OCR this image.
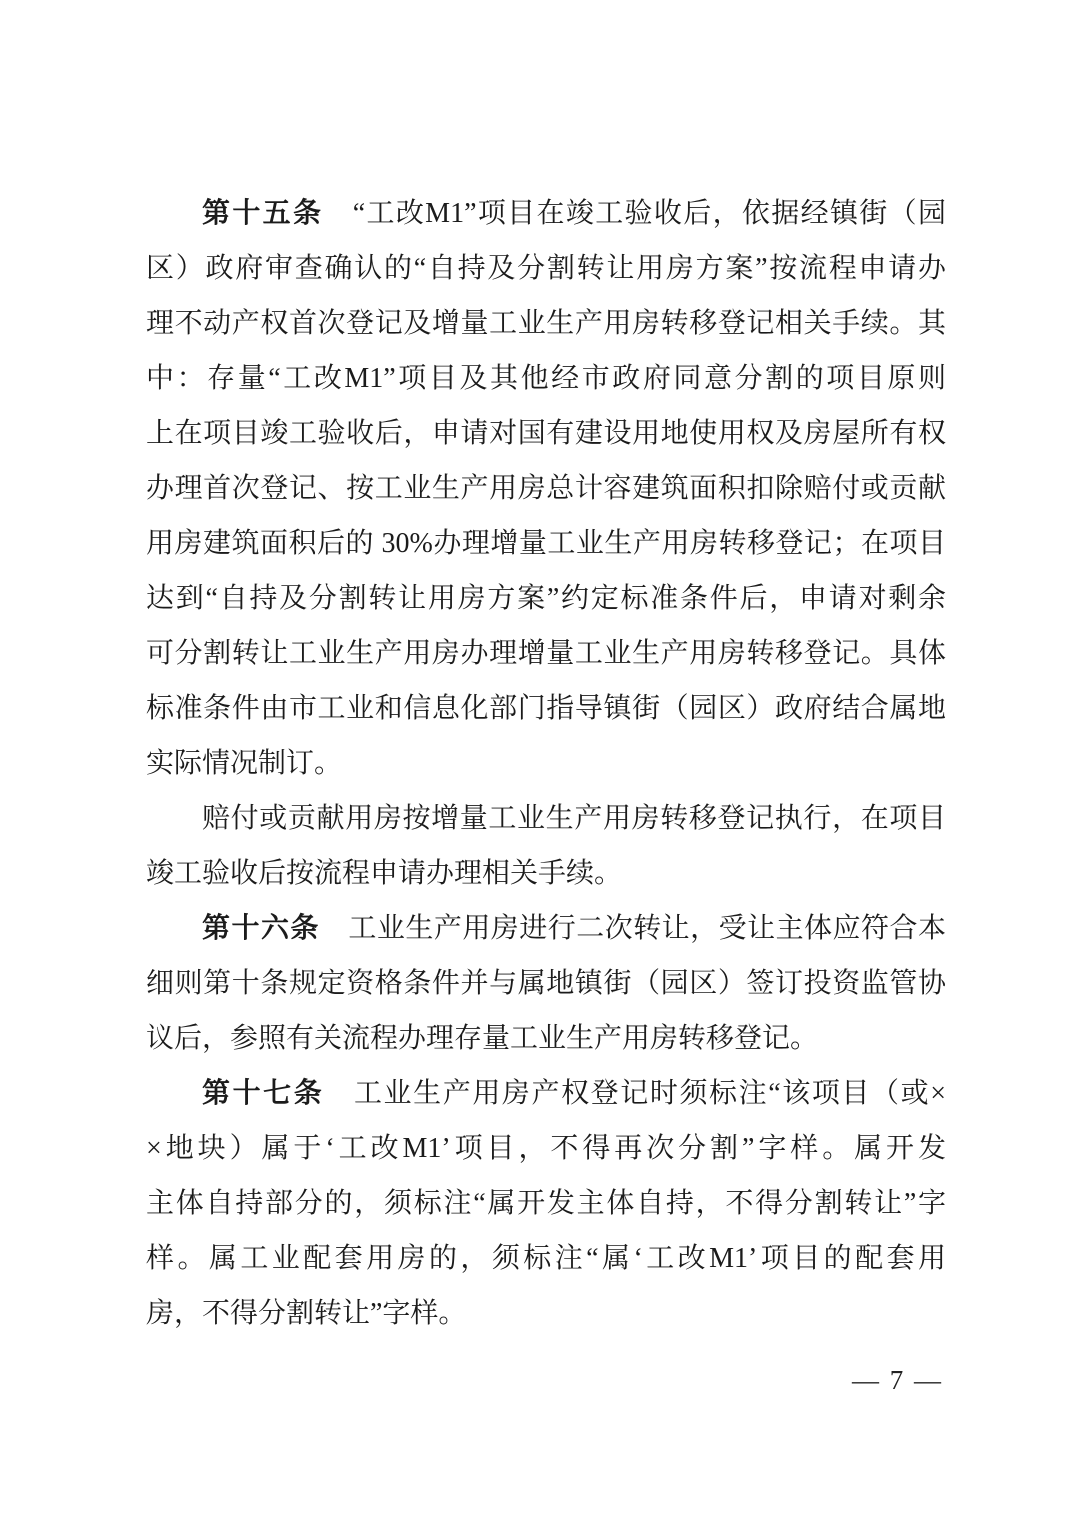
第十五条　“工改M1”项目在竣工验收后，依据经镇街（园
区）政府审查确认的“自持及分割转让用房方案”按流程申请办
理不动产权首次登记及增量工业生产用房转移登记相关手续。其
中：存量“工改M1”项目及其他经市政府同意分割的项目原则
上在项目竣工验收后，申请对国有建设用地使用权及房屋所有权
办理首次登记、按工业生产用房总计容建筑面积扣除赔付或贡献
用房建筑面积后的 30%办理增量工业生产用房转移登记；在项目
达到“自持及分割转让用房方案”约定标准条件后，申请对剩余
可分割转让工业生产用房办理增量工业生产用房转移登记。具体
标准条件由市工业和信息化部门指导镇街（园区）政府结合属地
实际情况制订。
赔付或贡献用房按增量工业生产用房转移登记执行，在项目
竣工验收后按流程申请办理相关手续。
第十六条　工业生产用房进行二次转让，受让主体应符合本
细则第十条规定资格条件并与属地镇街（园区）签订投资监管协
议后，参照有关流程办理存量工业生产用房转移登记。
第十七条　工业生产用房产权登记时须标注“该项目（或×
×地块）属于‘工改M1’项目，不得再次分割”字样。属开发
主体自持部分的，须标注“属开发主体自持，不得分割转让”字
样。属工业配套用房的，须标注“属‘工改M1’项目的配套用
房，不得分割转让”字样。
— 7 —
